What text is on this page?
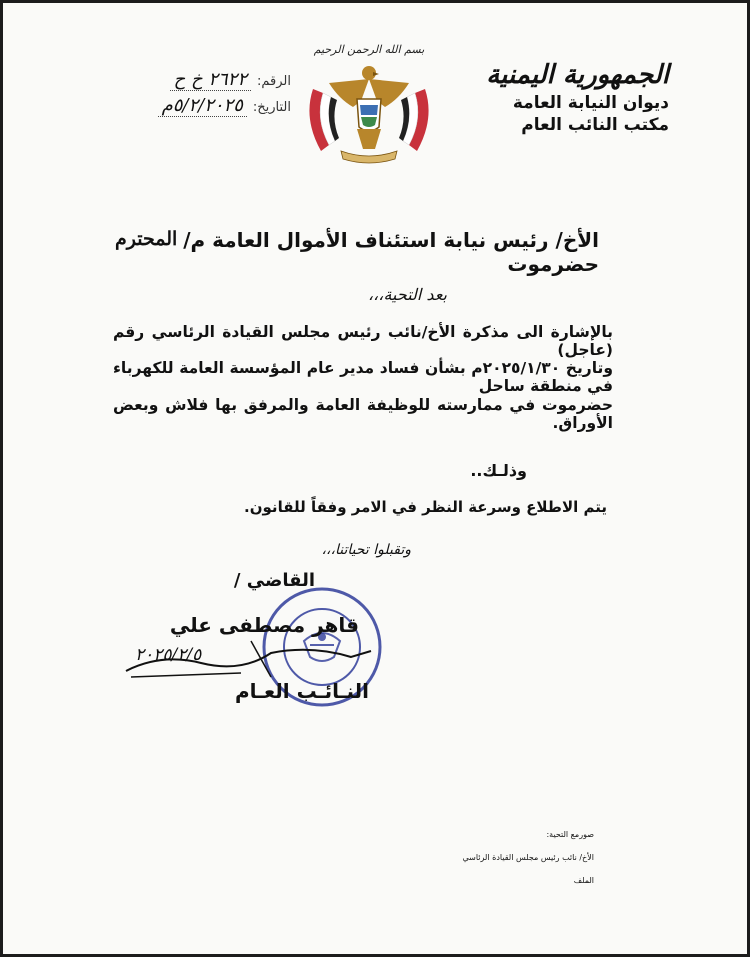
الجمهورية اليمنية
ديوان النيابة العامة
مكتب النائب العام
بسم الله الرحمن الرحيم
الرقم:
٢٦٢٢ خ ح
التاريخ:
٥/٢/٢٠٢٥م
الأخ/ رئيس نيابة استئناف الأموال العامة م/حضرموت
المحترم
بعد التحية،،،
بالإشارة الى مذكرة الأخ/نائب رئيس مجلس القيادة الرئاسي رقم (عاجل)
وتاريخ ٢٠٢٥/١/٣٠م بشأن فساد مدير عام المؤسسة العامة للكهرباء في منطقة ساحل
حضرموت في ممارسته للوظيفة العامة والمرفق بها فلاش وبعض الأوراق.
وذلـك..
يتم الاطلاع وسرعة النظر في الامر وفقاً للقانون.
وتقبلوا تحياتنا،،،
القاضي /
قاهر مصطفى علي
٢٠٢٥/٢/٥
النـائـب العـام
صورمع التحية:
الأخ/ نائب رئيس مجلس القيادة الرئاسي
الملف
